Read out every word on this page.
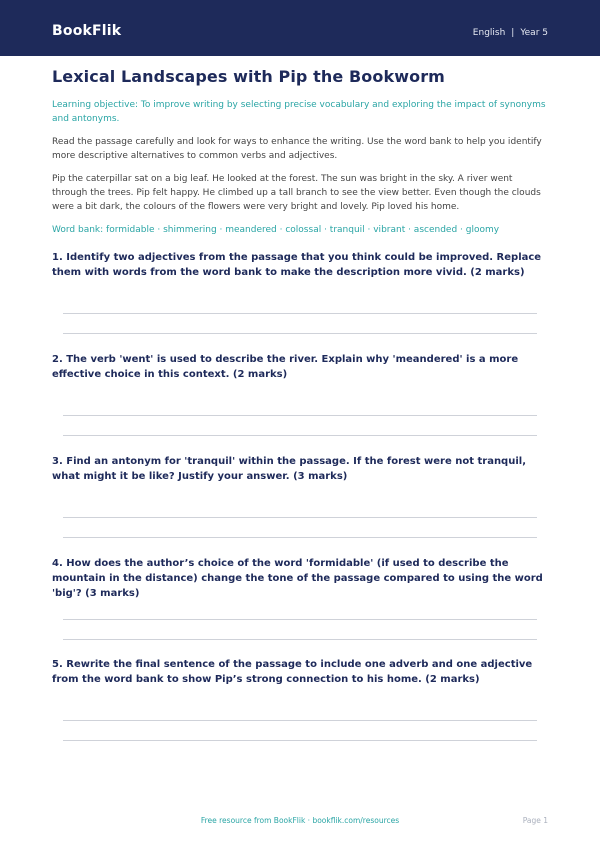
BookFlik	English | Year 5
Lexical Landscapes with Pip the Bookworm
Learning objective: To improve writing by selecting precise vocabulary and exploring the impact of synonyms and antonyms.
Read the passage carefully and look for ways to enhance the writing. Use the word bank to help you identify more descriptive alternatives to common verbs and adjectives.
Pip the caterpillar sat on a big leaf. He looked at the forest. The sun was bright in the sky. A river went through the trees. Pip felt happy. He climbed up a tall branch to see the view better. Even though the clouds were a bit dark, the colours of the flowers were very bright and lovely. Pip loved his home.
Word bank: formidable · shimmering · meandered · colossal · tranquil · vibrant · ascended · gloomy
1. Identify two adjectives from the passage that you think could be improved. Replace them with words from the word bank to make the description more vivid. (2 marks)
2. The verb 'went' is used to describe the river. Explain why 'meandered' is a more effective choice in this context. (2 marks)
3. Find an antonym for 'tranquil' within the passage. If the forest were not tranquil, what might it be like? Justify your answer. (3 marks)
4. How does the author’s choice of the word 'formidable' (if used to describe the mountain in the distance) change the tone of the passage compared to using the word 'big'? (3 marks)
5. Rewrite the final sentence of the passage to include one adverb and one adjective from the word bank to show Pip’s strong connection to his home. (2 marks)
Free resource from BookFlik · bookflik.com/resources	Page 1
